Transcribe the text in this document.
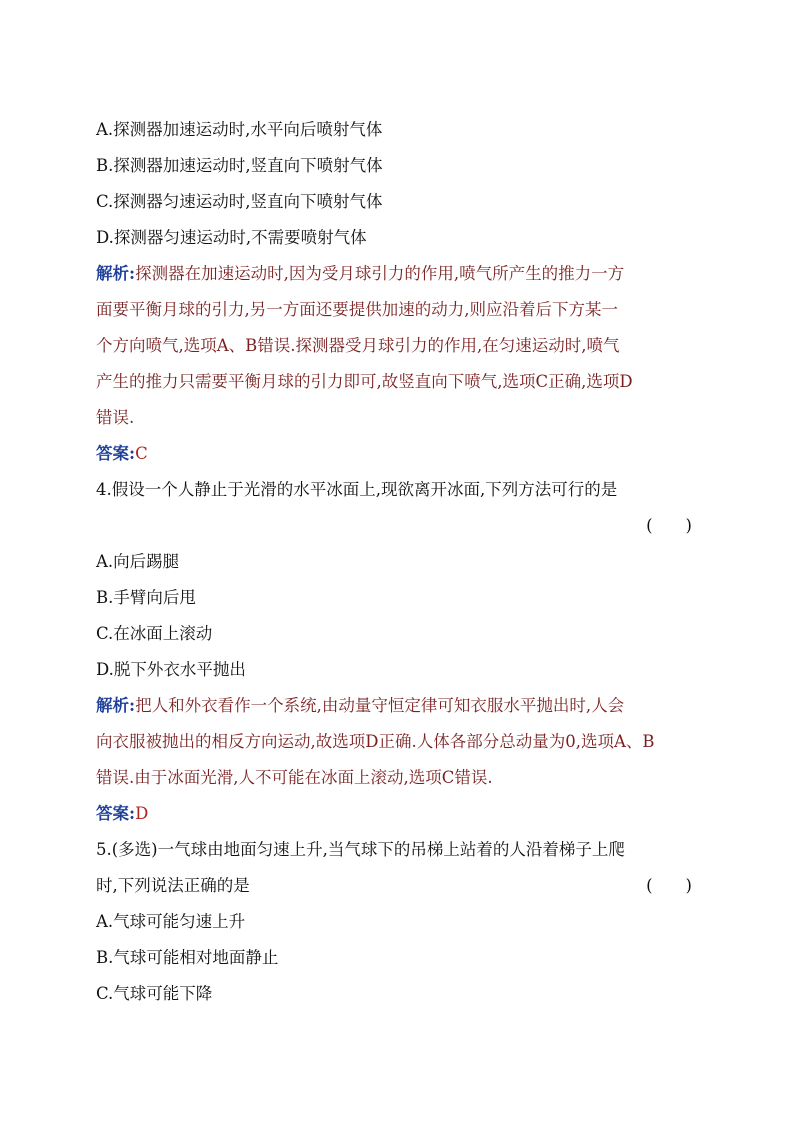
A.探测器加速运动时,水平向后喷射气体
B.探测器加速运动时,竖直向下喷射气体
C.探测器匀速运动时,竖直向下喷射气体
D.探测器匀速运动时,不需要喷射气体
解析:探测器在加速运动时,因为受月球引力的作用,喷气所产生的推力一方
面要平衡月球的引力,另一方面还要提供加速的动力,则应沿着后下方某一
个方向喷气,选项A、B错误.探测器受月球引力的作用,在匀速运动时,喷气
产生的推力只需要平衡月球的引力即可,故竖直向下喷气,选项C正确,选项D
错误.
答案:C
4.假设一个人静止于光滑的水平冰面上,现欲离开冰面,下列方法可行的是
(　　)
A.向后踢腿
B.手臂向后甩
C.在冰面上滚动
D.脱下外衣水平抛出
解析:把人和外衣看作一个系统,由动量守恒定律可知衣服水平抛出时,人会
向衣服被抛出的相反方向运动,故选项D正确.人体各部分总动量为0,选项A、B
错误.由于冰面光滑,人不可能在冰面上滚动,选项C错误.
答案:D
5.(多选)一气球由地面匀速上升,当气球下的吊梯上站着的人沿着梯子上爬
时,下列说法正确的是	(　　)
A.气球可能匀速上升
B.气球可能相对地面静止
C.气球可能下降
